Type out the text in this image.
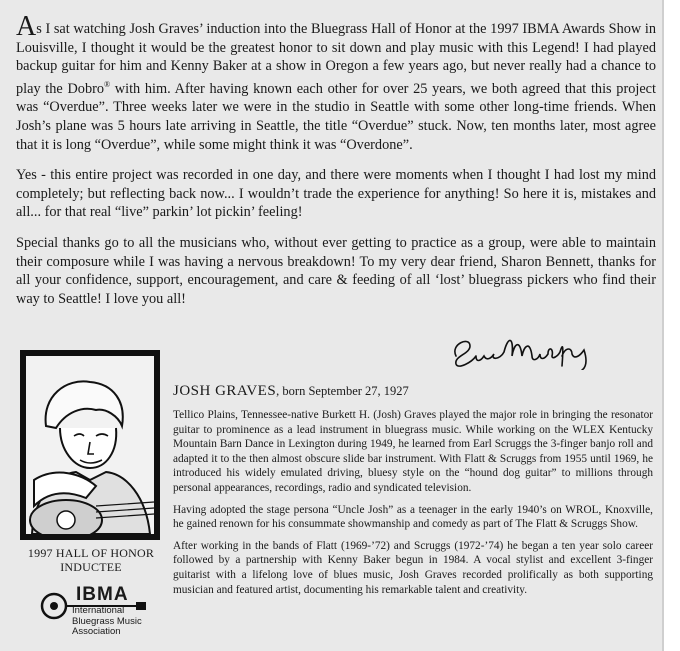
As I sat watching Josh Graves’ induction into the Bluegrass Hall of Honor at the 1997 IBMA Awards Show in Louisville, I thought it would be the greatest honor to sit down and play music with this Legend! I had played backup guitar for him and Kenny Baker at a show in Oregon a few years ago, but never really had a chance to play the Dobro® with him. After having known each other for over 25 years, we both agreed that this project was “Overdue”. Three weeks later we were in the studio in Seattle with some other long-time friends. When Josh’s plane was 5 hours late arriving in Seattle, the title “Overdue” stuck. Now, ten months later, most agree that it is long “Overdue”, while some might think it was “Overdone”.

Yes - this entire project was recorded in one day, and there were moments when I thought I had lost my mind completely; but reflecting back now... I wouldn’t trade the experience for anything! So here it is, mistakes and all... for that real “live” parkin’ lot pickin’ feeling!

Special thanks go to all the musicians who, without ever getting to practice as a group, were able to maintain their composure while I was having a nervous breakdown! To my very dear friend, Sharon Bennett, thanks for all your confidence, support, encouragement, and care & feeding of all ‘lost’ bluegrass pickers who find their way to Seattle! I love you all!

1997 HALL OF HONOR
INDUCTEE
IBMA
International
Bluegrass Music
Association
JOSH GRAVES, born September 27, 1927

Tellico Plains, Tennessee-native Burkett H. (Josh) Graves played the major role in bringing the resonator guitar to prominence as a lead instrument in bluegrass music. While working on the WLEX Kentucky Mountain Barn Dance in Lexington during 1949, he learned from Earl Scruggs the 3-finger banjo roll and adapted it to the then almost obscure slide bar instrument. With Flatt & Scruggs from 1955 until 1969, he introduced his widely emulated driving, bluesy style on the “hound dog guitar” to millions through personal appearances, recordings, radio and syndicated television.

Having adopted the stage persona “Uncle Josh” as a teenager in the early 1940’s on WROL, Knoxville, he gained renown for his consummate showmanship and comedy as part of The Flatt & Scruggs Show.

After working in the bands of Flatt (1969-’72) and Scruggs (1972-’74) he began a ten year solo career followed by a partnership with Kenny Baker begun in 1984. A vocal stylist and excellent 3-finger guitarist with a lifelong love of blues music, Josh Graves recorded prolifically as both supporting musician and featured artist, documenting his remarkable talent and creativity.
